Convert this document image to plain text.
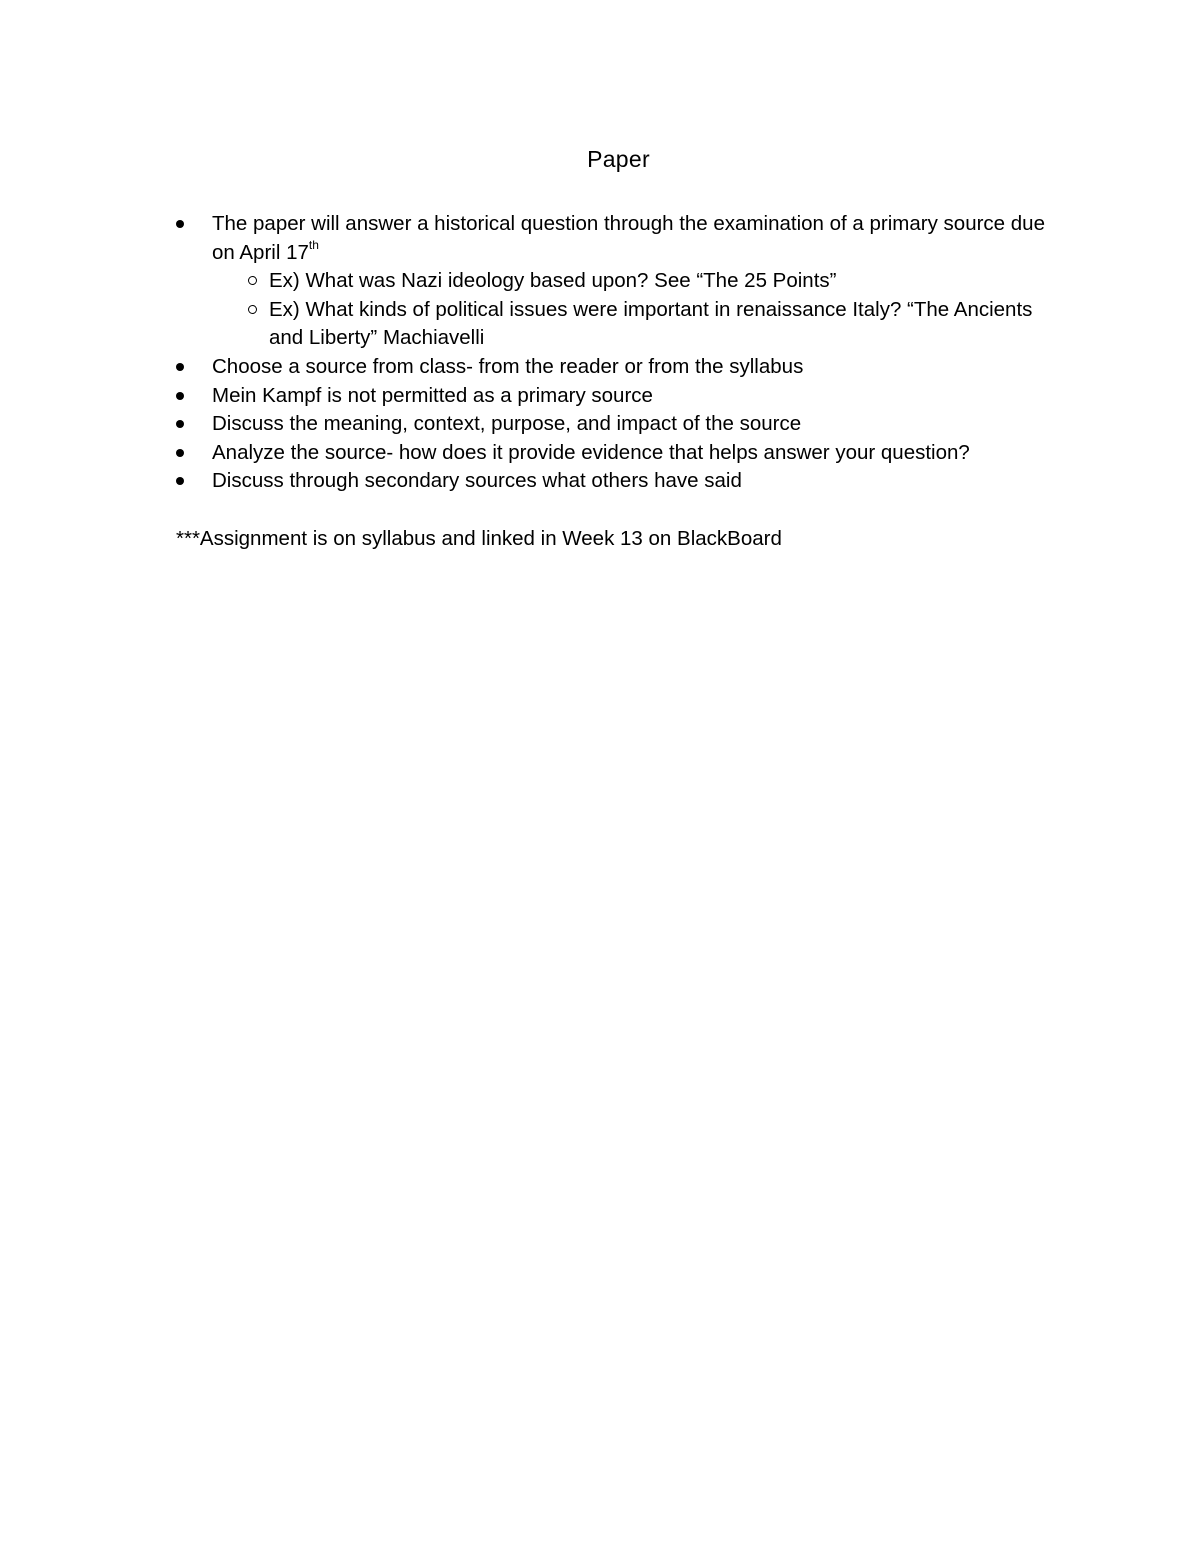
Paper
The paper will answer a historical question through the examination of a primary source due on April 17th
Ex) What was Nazi ideology based upon? See “The 25 Points”
Ex) What kinds of political issues were important in renaissance Italy? “The Ancients and Liberty” Machiavelli
Choose a source from class- from the reader or from the syllabus
Mein Kampf is not permitted as a primary source
Discuss the meaning, context, purpose, and impact of the source
Analyze the source- how does it provide evidence that helps answer your question?
Discuss through secondary sources what others have said
***Assignment is on syllabus and linked in Week 13 on BlackBoard
